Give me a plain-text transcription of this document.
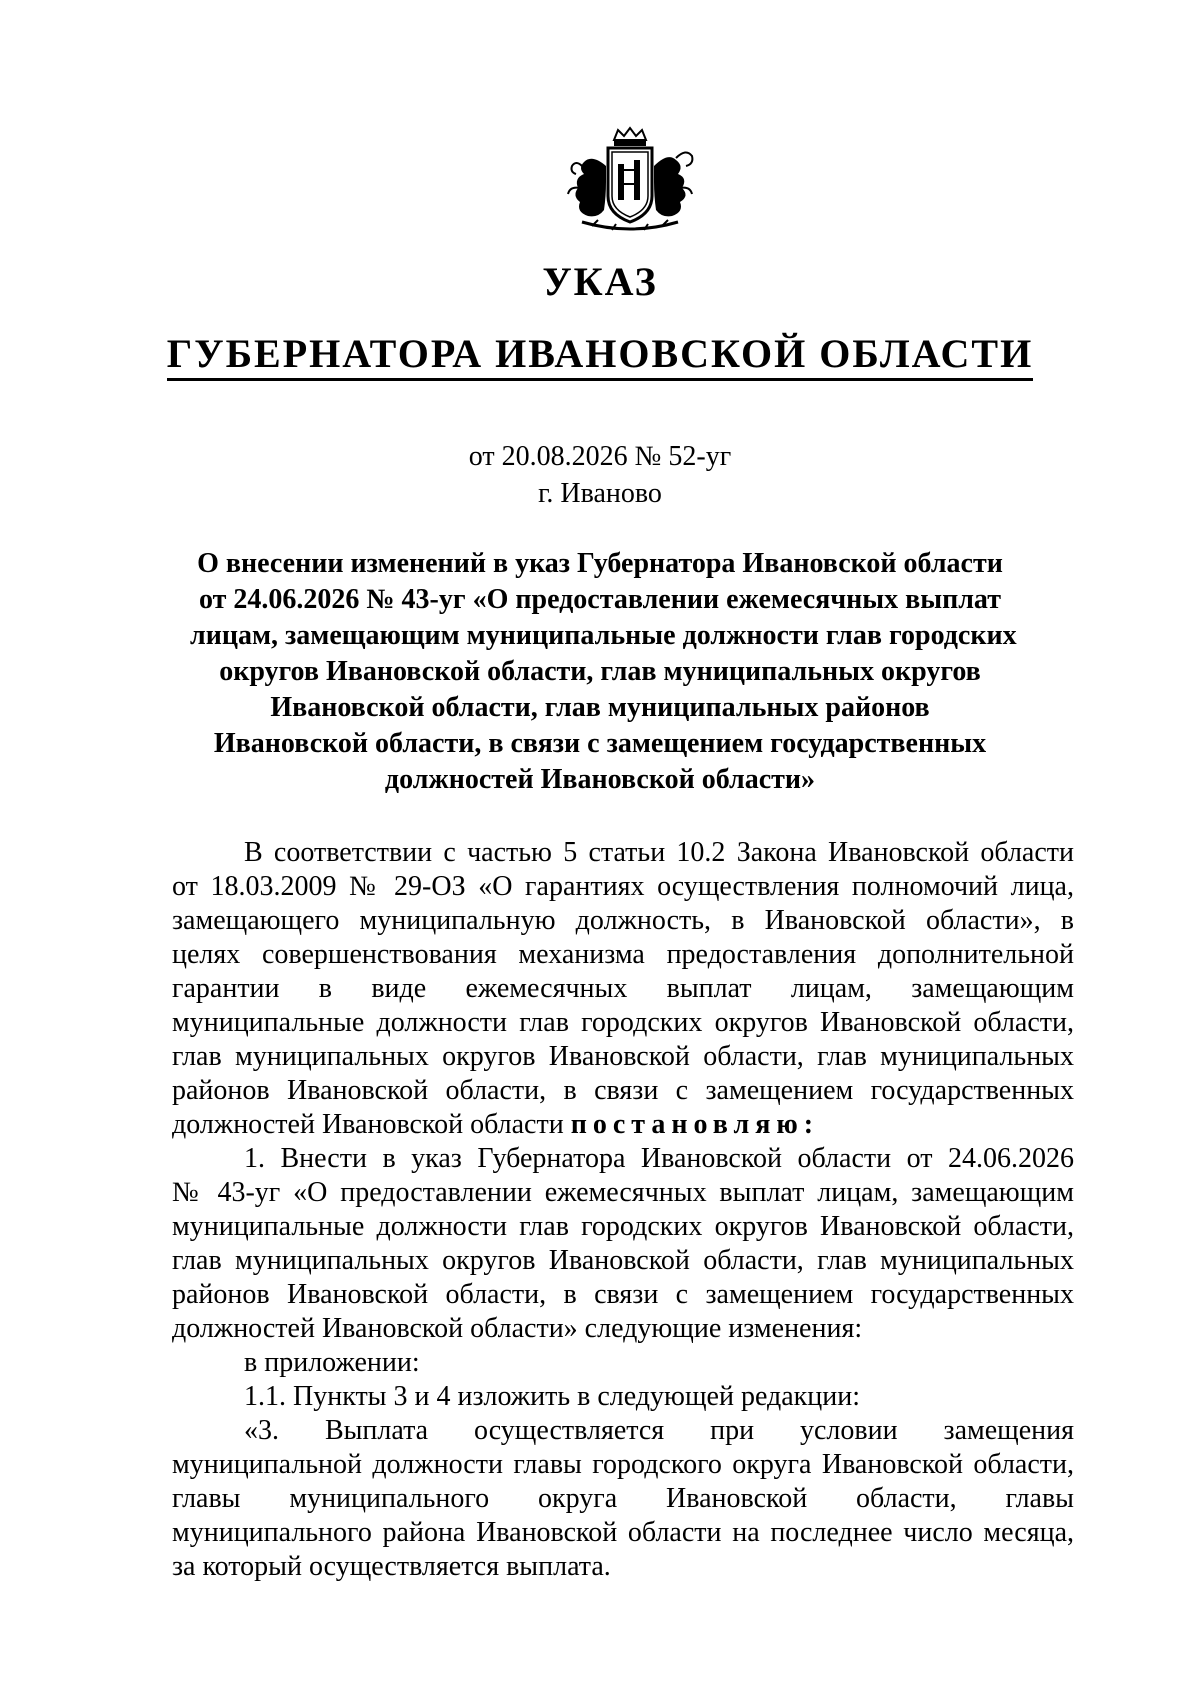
УКАЗ
ГУБЕРНАТОРА ИВАНОВСКОЙ ОБЛАСТИ
от 20.08.2026 № 52-уг
г. Иваново
О внесении изменений в указ Губернатора Ивановской области
от 24.06.2026 № 43-уг «О предоставлении ежемесячных выплат
лицам, замещающим муниципальные должности глав городских
округов Ивановской области, глав муниципальных округов
Ивановской области, глав муниципальных районов
Ивановской области, в связи с замещением государственных
должностей Ивановской области»
В соответствии с частью 5 статьи 10.2 Закона Ивановской области
от 18.03.2009 № 29-ОЗ «О гарантиях осуществления полномочий лица,
замещающего муниципальную должность, в Ивановской области», в
целях совершенствования механизма предоставления дополнительной
гарантии в виде ежемесячных выплат лицам, замещающим
муниципальные должности глав городских округов Ивановской области,
глав муниципальных округов Ивановской области, глав муниципальных
районов Ивановской области, в связи с замещением государственных
должностей Ивановской области постановляю:
1. Внести в указ Губернатора Ивановской области от 24.06.2026
№ 43-уг «О предоставлении ежемесячных выплат лицам, замещающим
муниципальные должности глав городских округов Ивановской области,
глав муниципальных округов Ивановской области, глав муниципальных
районов Ивановской области, в связи с замещением государственных
должностей Ивановской области» следующие изменения:
в приложении:
1.1. Пункты 3 и 4 изложить в следующей редакции:
«3. Выплата осуществляется при условии замещения
муниципальной должности главы городского округа Ивановской области,
главы муниципального округа Ивановской области, главы
муниципального района Ивановской области на последнее число месяца,
за который осуществляется выплата.
